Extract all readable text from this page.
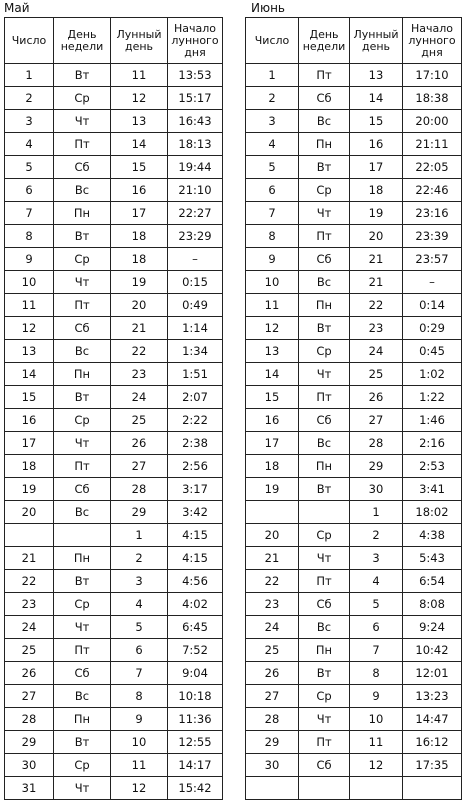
Май	Июнь
Число	День недели	Лунный день	Начало лунного дня
1	Вт	11	13:53
2	Ср	12	15:17
3	Чт	13	16:43
4	Пт	14	18:13
5	Сб	15	19:44
6	Вс	16	21:10
7	Пн	17	22:27
8	Вт	18	23:29
9	Ср	18	–
10	Чт	19	0:15
11	Пт	20	0:49
12	Сб	21	1:14
13	Вс	22	1:34
14	Пн	23	1:51
15	Вт	24	2:07
16	Ср	25	2:22
17	Чт	26	2:38
18	Пт	27	2:56
19	Сб	28	3:17
20	Вс	29	3:42
		1	4:15
21	Пн	2	4:15
22	Вт	3	4:56
23	Ср	4	4:02
24	Чт	5	6:45
25	Пт	6	7:52
26	Сб	7	9:04
27	Вс	8	10:18
28	Пн	9	11:36
29	Вт	10	12:55
30	Ср	11	14:17
31	Чт	12	15:42
Число	День недели	Лунный день	Начало лунного дня
1	Пт	13	17:10
2	Сб	14	18:38
3	Вс	15	20:00
4	Пн	16	21:11
5	Вт	17	22:05
6	Ср	18	22:46
7	Чт	19	23:16
8	Пт	20	23:39
9	Сб	21	23:57
10	Вс	21	–
11	Пн	22	0:14
12	Вт	23	0:29
13	Ср	24	0:45
14	Чт	25	1:02
15	Пт	26	1:22
16	Сб	27	1:46
17	Вс	28	2:16
18	Пн	29	2:53
19	Вт	30	3:41
		1	18:02
20	Ср	2	4:38
21	Чт	3	5:43
22	Пт	4	6:54
23	Сб	5	8:08
24	Вс	6	9:24
25	Пн	7	10:42
26	Вт	8	12:01
27	Ср	9	13:23
28	Чт	10	14:47
29	Пт	11	16:12
30	Сб	12	17:35
